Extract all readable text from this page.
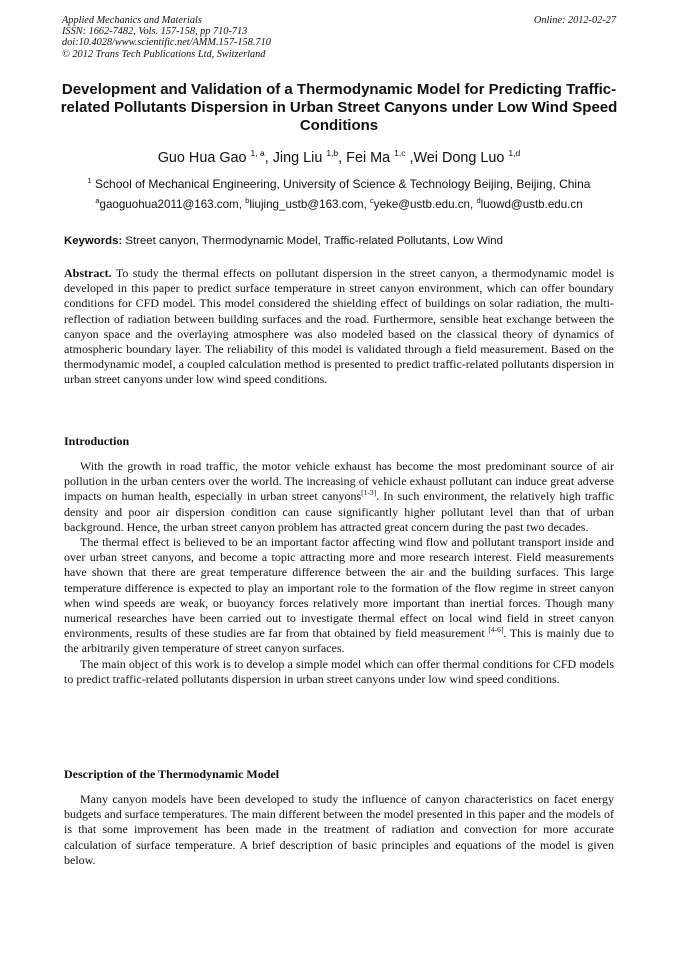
Applied Mechanics and Materials
ISSN: 1662-7482, Vols. 157-158, pp 710-713
doi:10.4028/www.scientific.net/AMM.157-158.710
© 2012 Trans Tech Publications Ltd, Switzerland
Online: 2012-02-27
Development and Validation of a Thermodynamic Model for Predicting Traffic-related Pollutants Dispersion in Urban Street Canyons under Low Wind Speed Conditions
Guo Hua Gao $^{1, a}$, Jing Liu $^{1,b}$, Fei Ma $^{1,c}$ ,Wei Dong Luo $^{1,d}$
$^1$ School of Mechanical Engineering, University of Science & Technology Beijing, Beijing, China
$^a$gaoguohua2011@163.com, $^b$liujing_ustb@163.com, $^c$yeke@ustb.edu.cn, $^d$luowd@ustb.edu.cn
Keywords: Street canyon, Thermodynamic Model, Traffic-related Pollutants, Low Wind

Abstract. To study the thermal effects on pollutant dispersion in the street canyon, a thermodynamic model is developed in this paper to predict surface temperature in street canyon environment, which can offer boundary conditions for CFD model. This model considered the shielding effect of buildings on solar radiation, the multi-reflection of radiation between building surfaces and the road. Furthermore, sensible heat exchange between the canyon space and the overlaying atmosphere was also modeled based on the classical theory of dynamics of atmospheric boundary layer. The reliability of this model is validated through a field measurement. Based on the thermodynamic model, a coupled calculation method is presented to predict traffic-related pollutants dispersion in urban street canyons under low wind speed conditions.

Introduction

With the growth in road traffic, the motor vehicle exhaust has become the most predominant source of air pollution in the urban centers over the world. The increasing of vehicle exhaust pollutant can induce great adverse impacts on human health, especially in urban street canyons[1-3]. In such environment, the relatively high traffic density and poor air dispersion condition can cause significantly higher pollutant level than that of urban background. Hence, the urban street canyon problem has attracted great concern during the past two decades.

The thermal effect is believed to be an important factor affecting wind flow and pollutant transport inside and over urban street canyons, and become a topic attracting more and more research interest. Field measurements have shown that there are great temperature difference between the air and the building surfaces. This large temperature difference is expected to play an important role to the formation of the flow regime in street canyon when wind speeds are weak, or buoyancy forces relatively more important than inertial forces. Though many numerical researches have been carried out to investigate thermal effect on local wind field in street canyon environments, results of these studies are far from that obtained by field measurement [4-6]. This is mainly due to the arbitrarily given temperature of street canyon surfaces.

The main object of this work is to develop a simple model which can offer thermal conditions for CFD models to predict traffic-related pollutants dispersion in urban street canyons under low wind speed conditions.

Description of the Thermodynamic Model

Many canyon models have been developed to study the influence of canyon characteristics on facet energy budgets and surface temperatures. The main different between the model presented in this paper and the models of is that some improvement has been made in the treatment of radiation and convection for more accurate calculation of surface temperature. A brief description of basic principles and equations of the model is given below.
